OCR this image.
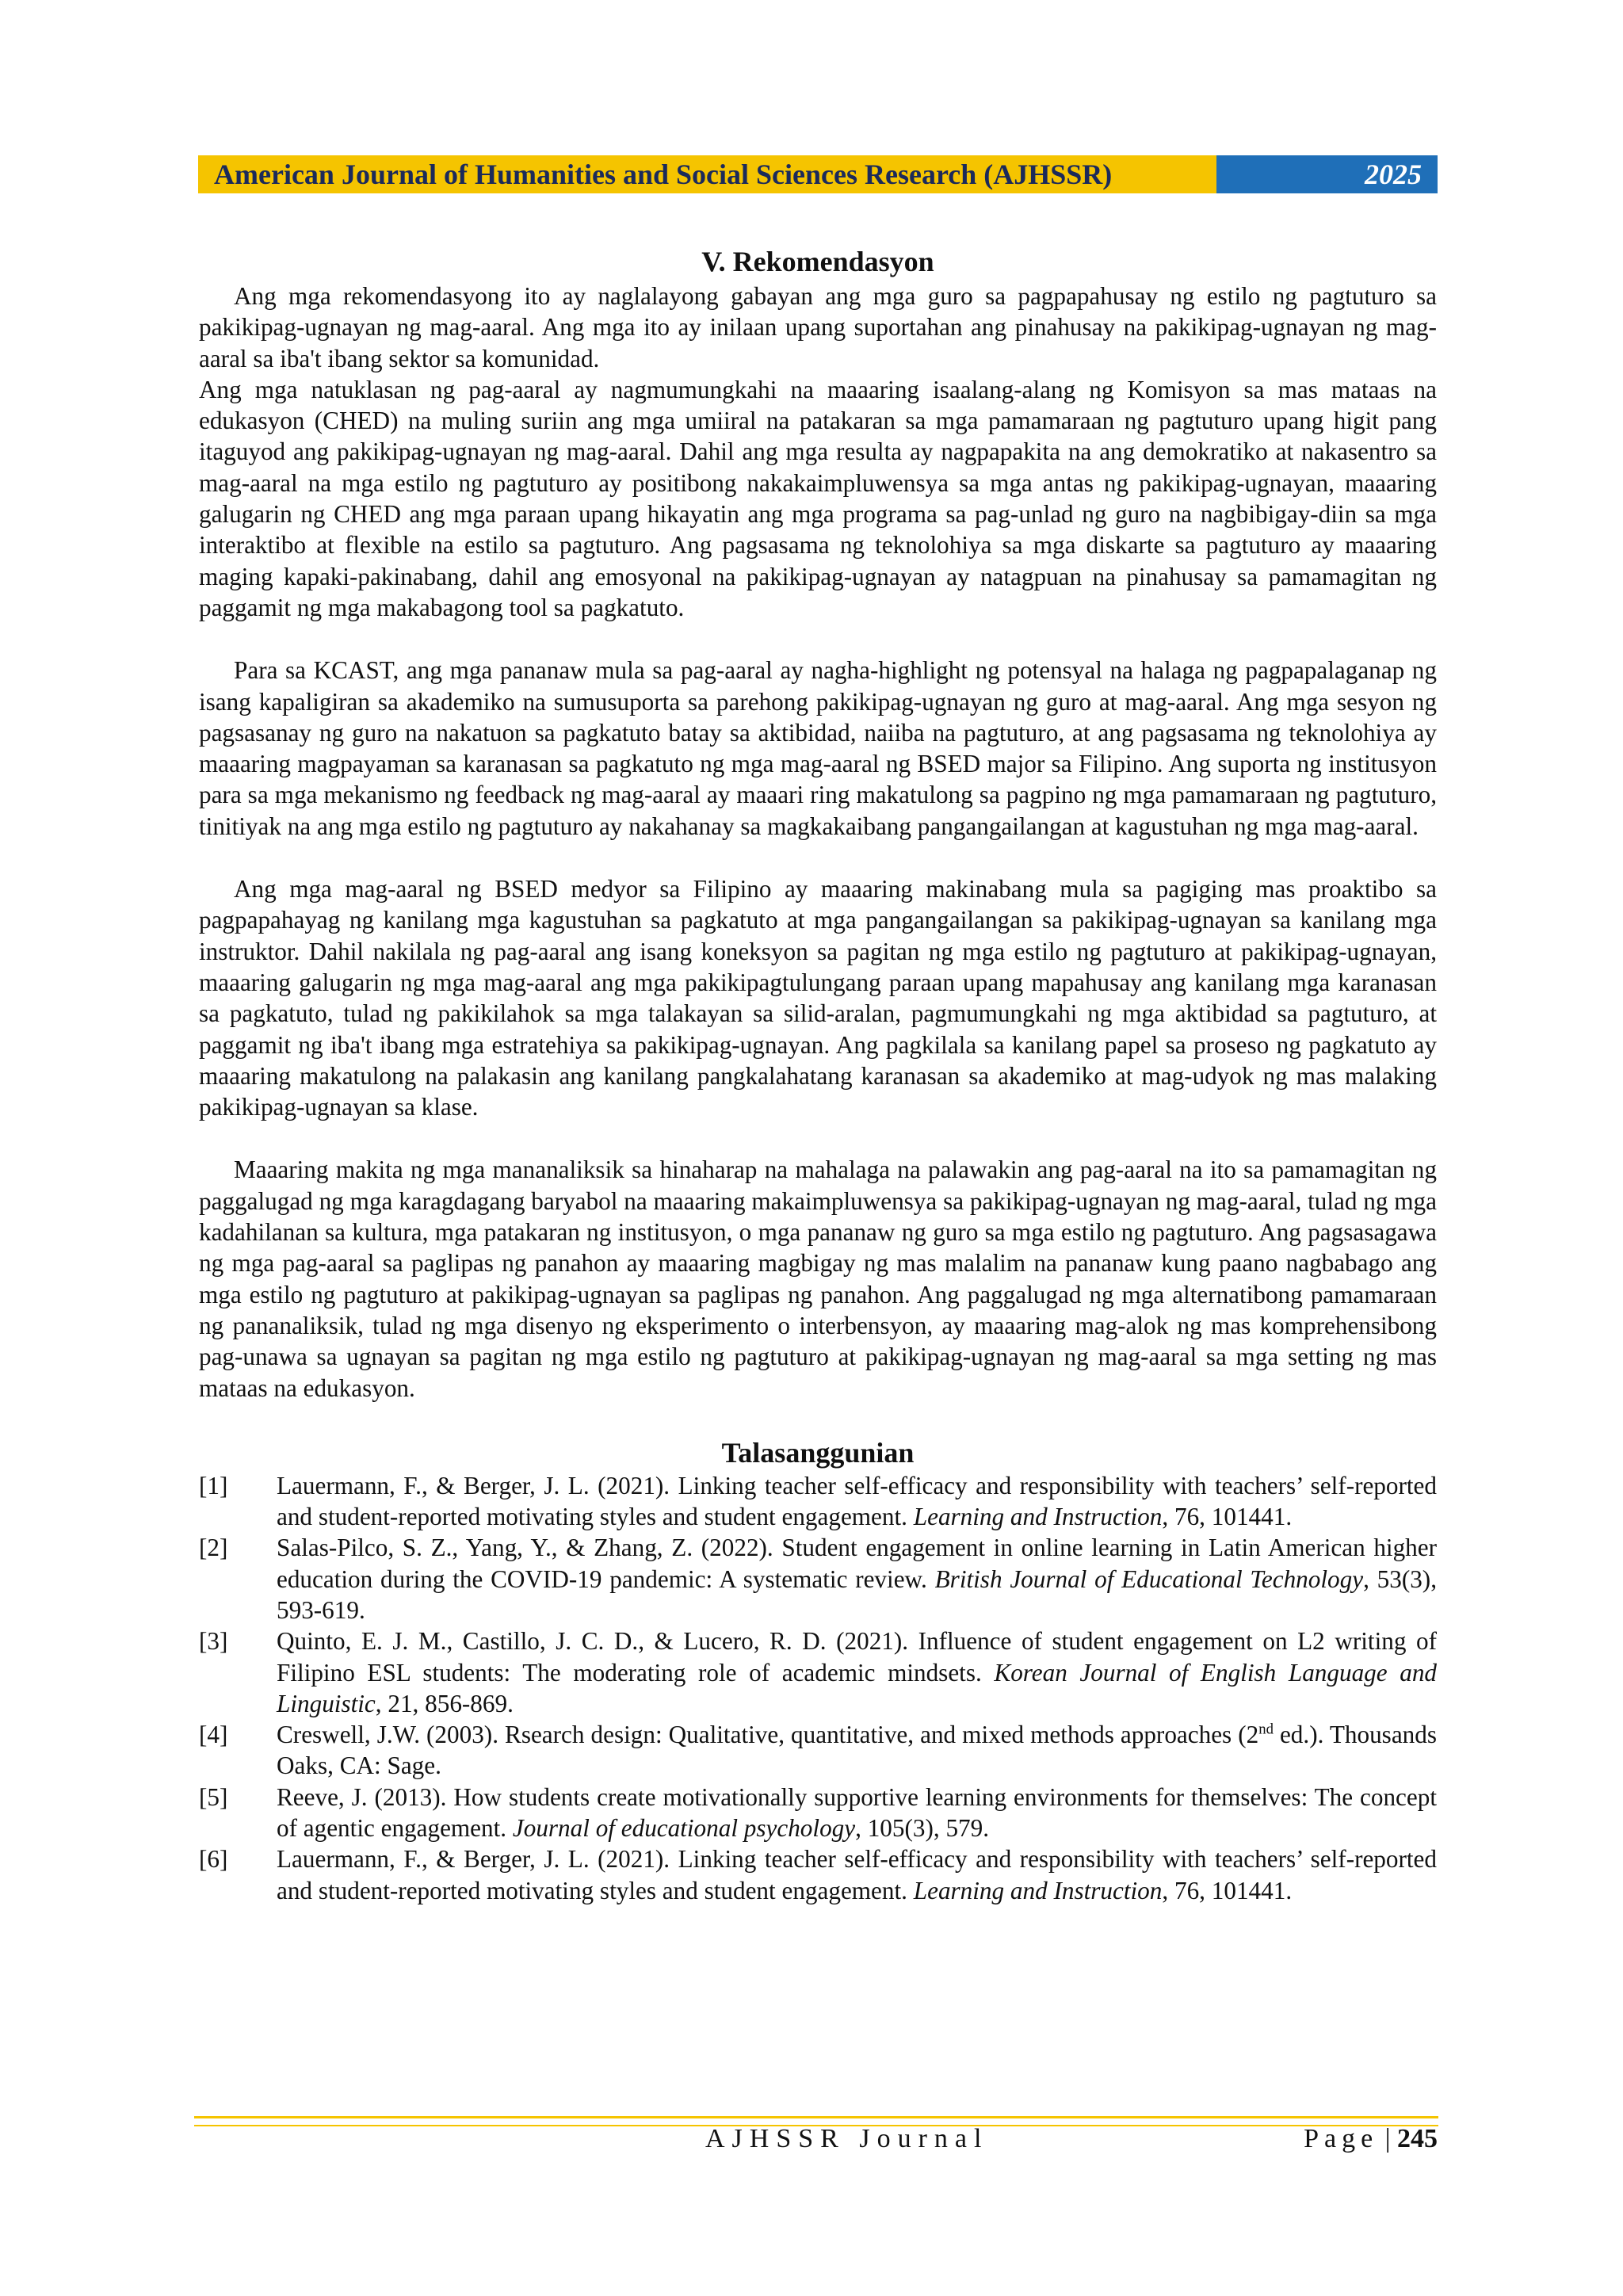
American Journal of Humanities and Social Sciences Research (AJHSSR)	2025
V. Rekomendasyon

Ang mga rekomendasyong ito ay naglalayong gabayan ang mga guro sa pagpapahusay ng estilo ng pagtuturo sa pakikipag-ugnayan ng mag-aaral. Ang mga ito ay inilaan upang suportahan ang pinahusay na pakikipag-ugnayan ng mag-aaral sa iba't ibang sektor sa komunidad.

Ang mga natuklasan ng pag-aaral ay nagmumungkahi na maaaring isaalang-alang ng Komisyon sa mas mataas na edukasyon (CHED) na muling suriin ang mga umiiral na patakaran sa mga pamamaraan ng pagtuturo upang higit pang itaguyod ang pakikipag-ugnayan ng mag-aaral. Dahil ang mga resulta ay nagpapakita na ang demokratiko at nakasentro sa mag-aaral na mga estilo ng pagtuturo ay positibong nakakaimpluwensya sa mga antas ng pakikipag-ugnayan, maaaring galugarin ng CHED ang mga paraan upang hikayatin ang mga programa sa pag-unlad ng guro na nagbibigay-diin sa mga interaktibo at flexible na estilo sa pagtuturo. Ang pagsasama ng teknolohiya sa mga diskarte sa pagtuturo ay maaaring maging kapaki-pakinabang, dahil ang emosyonal na pakikipag-ugnayan ay natagpuan na pinahusay sa pamamagitan ng paggamit ng mga makabagong tool sa pagkatuto.

Para sa KCAST, ang mga pananaw mula sa pag-aaral ay nagha-highlight ng potensyal na halaga ng pagpapalaganap ng isang kapaligiran sa akademiko na sumusuporta sa parehong pakikipag-ugnayan ng guro at mag-aaral. Ang mga sesyon ng pagsasanay ng guro na nakatuon sa pagkatuto batay sa aktibidad, naiiba na pagtuturo, at ang pagsasama ng teknolohiya ay maaaring magpayaman sa karanasan sa pagkatuto ng mga mag-aaral ng BSED major sa Filipino. Ang suporta ng institusyon para sa mga mekanismo ng feedback ng mag-aaral ay maaari ring makatulong sa pagpino ng mga pamamaraan ng pagtuturo, tinitiyak na ang mga estilo ng pagtuturo ay nakahanay sa magkakaibang pangangailangan at kagustuhan ng mga mag-aaral.

Ang mga mag-aaral ng BSED medyor sa Filipino ay maaaring makinabang mula sa pagiging mas proaktibo sa pagpapahayag ng kanilang mga kagustuhan sa pagkatuto at mga pangangailangan sa pakikipag-ugnayan sa kanilang mga instruktor. Dahil nakilala ng pag-aaral ang isang koneksyon sa pagitan ng mga estilo ng pagtuturo at pakikipag-ugnayan, maaaring galugarin ng mga mag-aaral ang mga pakikipagtulungang paraan upang mapahusay ang kanilang mga karanasan sa pagkatuto, tulad ng pakikilahok sa mga talakayan sa silid-aralan, pagmumungkahi ng mga aktibidad sa pagtuturo, at paggamit ng iba't ibang mga estratehiya sa pakikipag-ugnayan. Ang pagkilala sa kanilang papel sa proseso ng pagkatuto ay maaaring makatulong na palakasin ang kanilang pangkalahatang karanasan sa akademiko at mag-udyok ng mas malaking pakikipag-ugnayan sa klase.

Maaaring makita ng mga mananaliksik sa hinaharap na mahalaga na palawakin ang pag-aaral na ito sa pamamagitan ng paggalugad ng mga karagdagang baryabol na maaaring makaimpluwensya sa pakikipag-ugnayan ng mag-aaral, tulad ng mga kadahilanan sa kultura, mga patakaran ng institusyon, o mga pananaw ng guro sa mga estilo ng pagtuturo. Ang pagsasagawa ng mga pag-aaral sa paglipas ng panahon ay maaaring magbigay ng mas malalim na pananaw kung paano nagbabago ang mga estilo ng pagtuturo at pakikipag-ugnayan sa paglipas ng panahon. Ang paggalugad ng mga alternatibong pamamaraan ng pananaliksik, tulad ng mga disenyo ng eksperimento o interbensyon, ay maaaring mag-alok ng mas komprehensibong pag-unawa sa ugnayan sa pagitan ng mga estilo ng pagtuturo at pakikipag-ugnayan ng mag-aaral sa mga setting ng mas mataas na edukasyon.

Talasanggunian
[1]	Lauermann, F., & Berger, J. L. (2021). Linking teacher self-efficacy and responsibility with teachers’ self-reported and student-reported motivating styles and student engagement. Learning and Instruction, 76, 101441.
[2]	Salas-Pilco, S. Z., Yang, Y., & Zhang, Z. (2022). Student engagement in online learning in Latin American higher education during the COVID-19 pandemic: A systematic review. British Journal of Educational Technology, 53(3), 593-619.
[3]	Quinto, E. J. M., Castillo, J. C. D., & Lucero, R. D. (2021). Influence of student engagement on L2 writing of Filipino ESL students: The moderating role of academic mindsets. Korean Journal of English Language and Linguistic, 21, 856-869.
[4]	Creswell, J.W. (2003). Rsearch design: Qualitative, quantitative, and mixed methods approaches (2nd ed.). Thousands Oaks, CA: Sage.
[5]	Reeve, J. (2013). How students create motivationally supportive learning environments for themselves: The concept of agentic engagement. Journal of educational psychology, 105(3), 579.
[6]	Lauermann, F., & Berger, J. L. (2021). Linking teacher self-efficacy and responsibility with teachers’ self-reported and student-reported motivating styles and student engagement. Learning and Instruction, 76, 101441.
AJHSSR Journal	Page | 245
